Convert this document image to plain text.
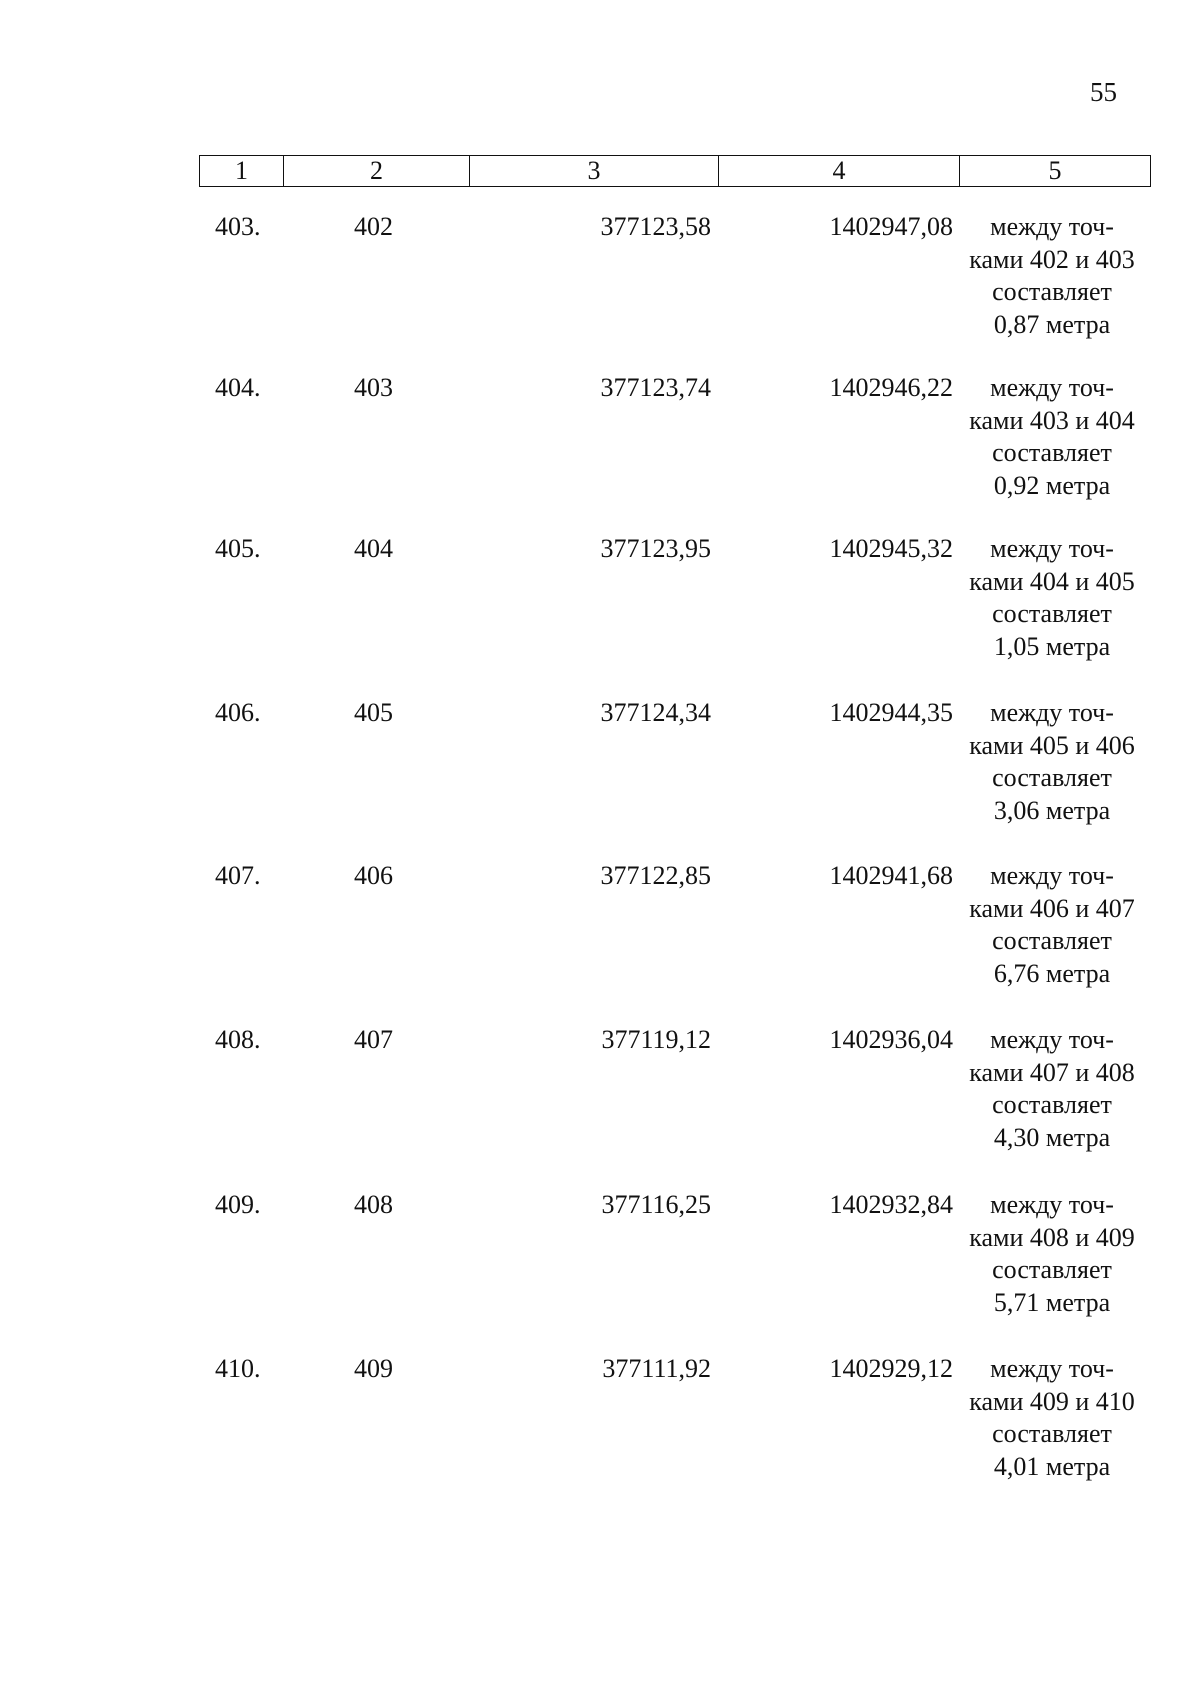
55
1	2	3	4	5
403.	402	377123,58	1402947,08	между точ-
ками 402 и 403
составляет
0,87 метра
404.	403	377123,74	1402946,22	между точ-
ками 403 и 404
составляет
0,92 метра
405.	404	377123,95	1402945,32	между точ-
ками 404 и 405
составляет
1,05 метра
406.	405	377124,34	1402944,35	между точ-
ками 405 и 406
составляет
3,06 метра
407.	406	377122,85	1402941,68	между точ-
ками 406 и 407
составляет
6,76 метра
408.	407	377119,12	1402936,04	между точ-
ками 407 и 408
составляет
4,30 метра
409.	408	377116,25	1402932,84	между точ-
ками 408 и 409
составляет
5,71 метра
410.	409	377111,92	1402929,12	между точ-
ками 409 и 410
составляет
4,01 метра
